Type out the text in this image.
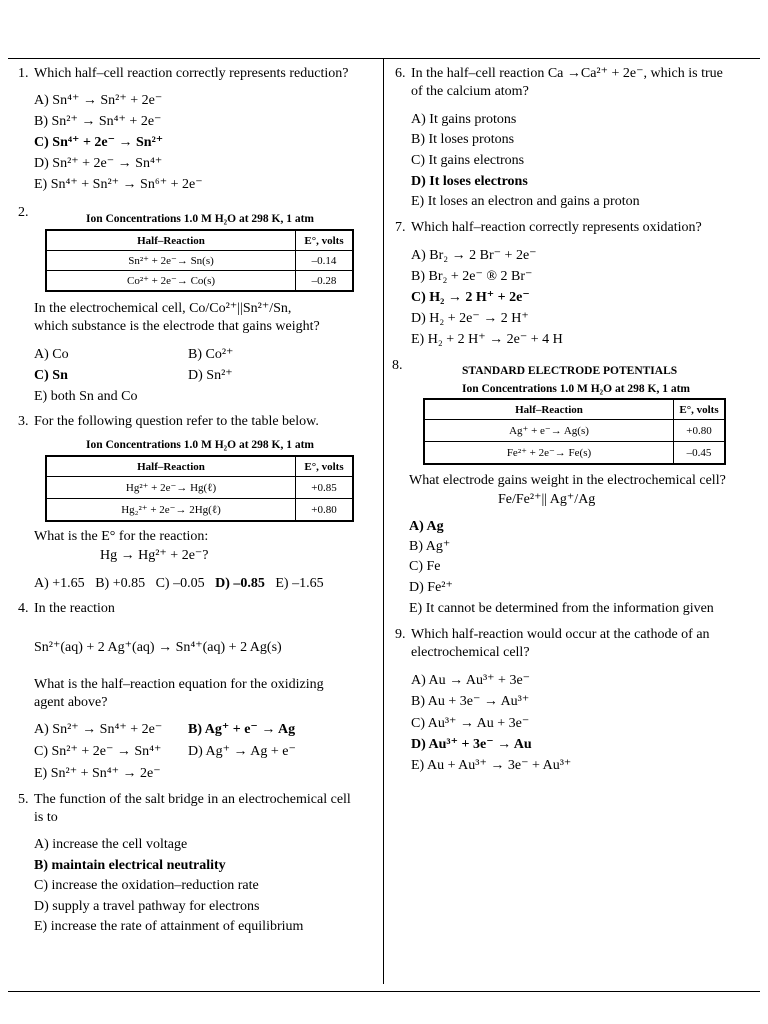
1. Which half–cell reaction correctly represents reduction?
A) Sn⁴⁺ → Sn²⁺ + 2e⁻
B) Sn²⁺ → Sn⁴⁺ + 2e⁻
C) Sn⁴⁺ + 2e⁻ → Sn²⁺
D) Sn²⁺ + 2e⁻ → Sn⁴⁺
E) Sn⁴⁺ + Sn²⁺ → Sn⁶⁺ + 2e⁻
2.	Ion Concentrations 1.0 M H₂O at 298 K, 1 atm
Half–Reaction	E°, volts
Sn²⁺ + 2e⁻→ Sn(s)	–0.14
Co²⁺ + 2e⁻→ Co(s)	–0.28
In the electrochemical cell, Co/Co²⁺||Sn²⁺/Sn,
which substance is the electrode that gains weight?
A) Co	B) Co²⁺
C) Sn	D) Sn²⁺
E) both Sn and Co
3. For the following question refer to the table below.
Ion Concentrations 1.0 M H₂O at 298 K, 1 atm
Half–Reaction	E°, volts
Hg²⁺ + 2e⁻→ Hg(ℓ)	+0.85
Hg₂²⁺ + 2e⁻→ 2Hg(ℓ)	+0.80
What is the E° for the reaction:
Hg → Hg²⁺ + 2e⁻?
A) +1.65 B) +0.85 C) –0.05 D) –0.85 E) –1.65
4. In the reaction
Sn²⁺(aq) + 2 Ag⁺(aq) → Sn⁴⁺(aq) + 2 Ag(s)
What is the half–reaction equation for the oxidizing
agent above?
A) Sn²⁺ → Sn⁴⁺ + 2e⁻ B) Ag⁺ + e⁻ → Ag
C) Sn²⁺ + 2e⁻ → Sn⁴⁺ D) Ag⁺ → Ag + e⁻
E) Sn²⁺ + Sn⁴⁺ → 2e⁻
5. The function of the salt bridge in an electrochemical cell
is to
A) increase the cell voltage
B) maintain electrical neutrality
C) increase the oxidation–reduction rate
D) supply a travel pathway for electrons
E) increase the rate of attainment of equilibrium
6. In the half–cell reaction Ca →Ca²⁺ + 2e⁻, which is true
of the calcium atom?
A) It gains protons
B) It loses protons
C) It gains electrons
D) It loses electrons
E) It loses an electron and gains a proton
7. Which half–reaction correctly represents oxidation?
A) Br₂ → 2 Br⁻ + 2e⁻
B) Br₂ + 2e⁻ ® 2 Br⁻
C) H₂ → 2 H⁺ + 2e⁻
D) H₂ + 2e⁻ → 2 H⁺
E) H₂ + 2 H⁺ → 2e⁻ + 4 H
8.	STANDARD ELECTRODE POTENTIALS
Ion Concentrations 1.0 M H₂O at 298 K, 1 atm
Half–Reaction	E°, volts
Ag⁺ + e⁻→ Ag(s)	+0.80
Fe²⁺ + 2e⁻→ Fe(s)	–0.45
What electrode gains weight in the electrochemical cell?
Fe/Fe²⁺|| Ag⁺/Ag
A) Ag
B) Ag⁺
C) Fe
D) Fe²⁺
E) It cannot be determined from the information given
9. Which half-reaction would occur at the cathode of an
electrochemical cell?
A) Au → Au³⁺ + 3e⁻
B) Au + 3e⁻ → Au³⁺
C) Au³⁺ → Au + 3e⁻
D) Au³⁺ + 3e⁻ → Au
E) Au + Au³⁺ → 3e⁻ + Au³⁺
